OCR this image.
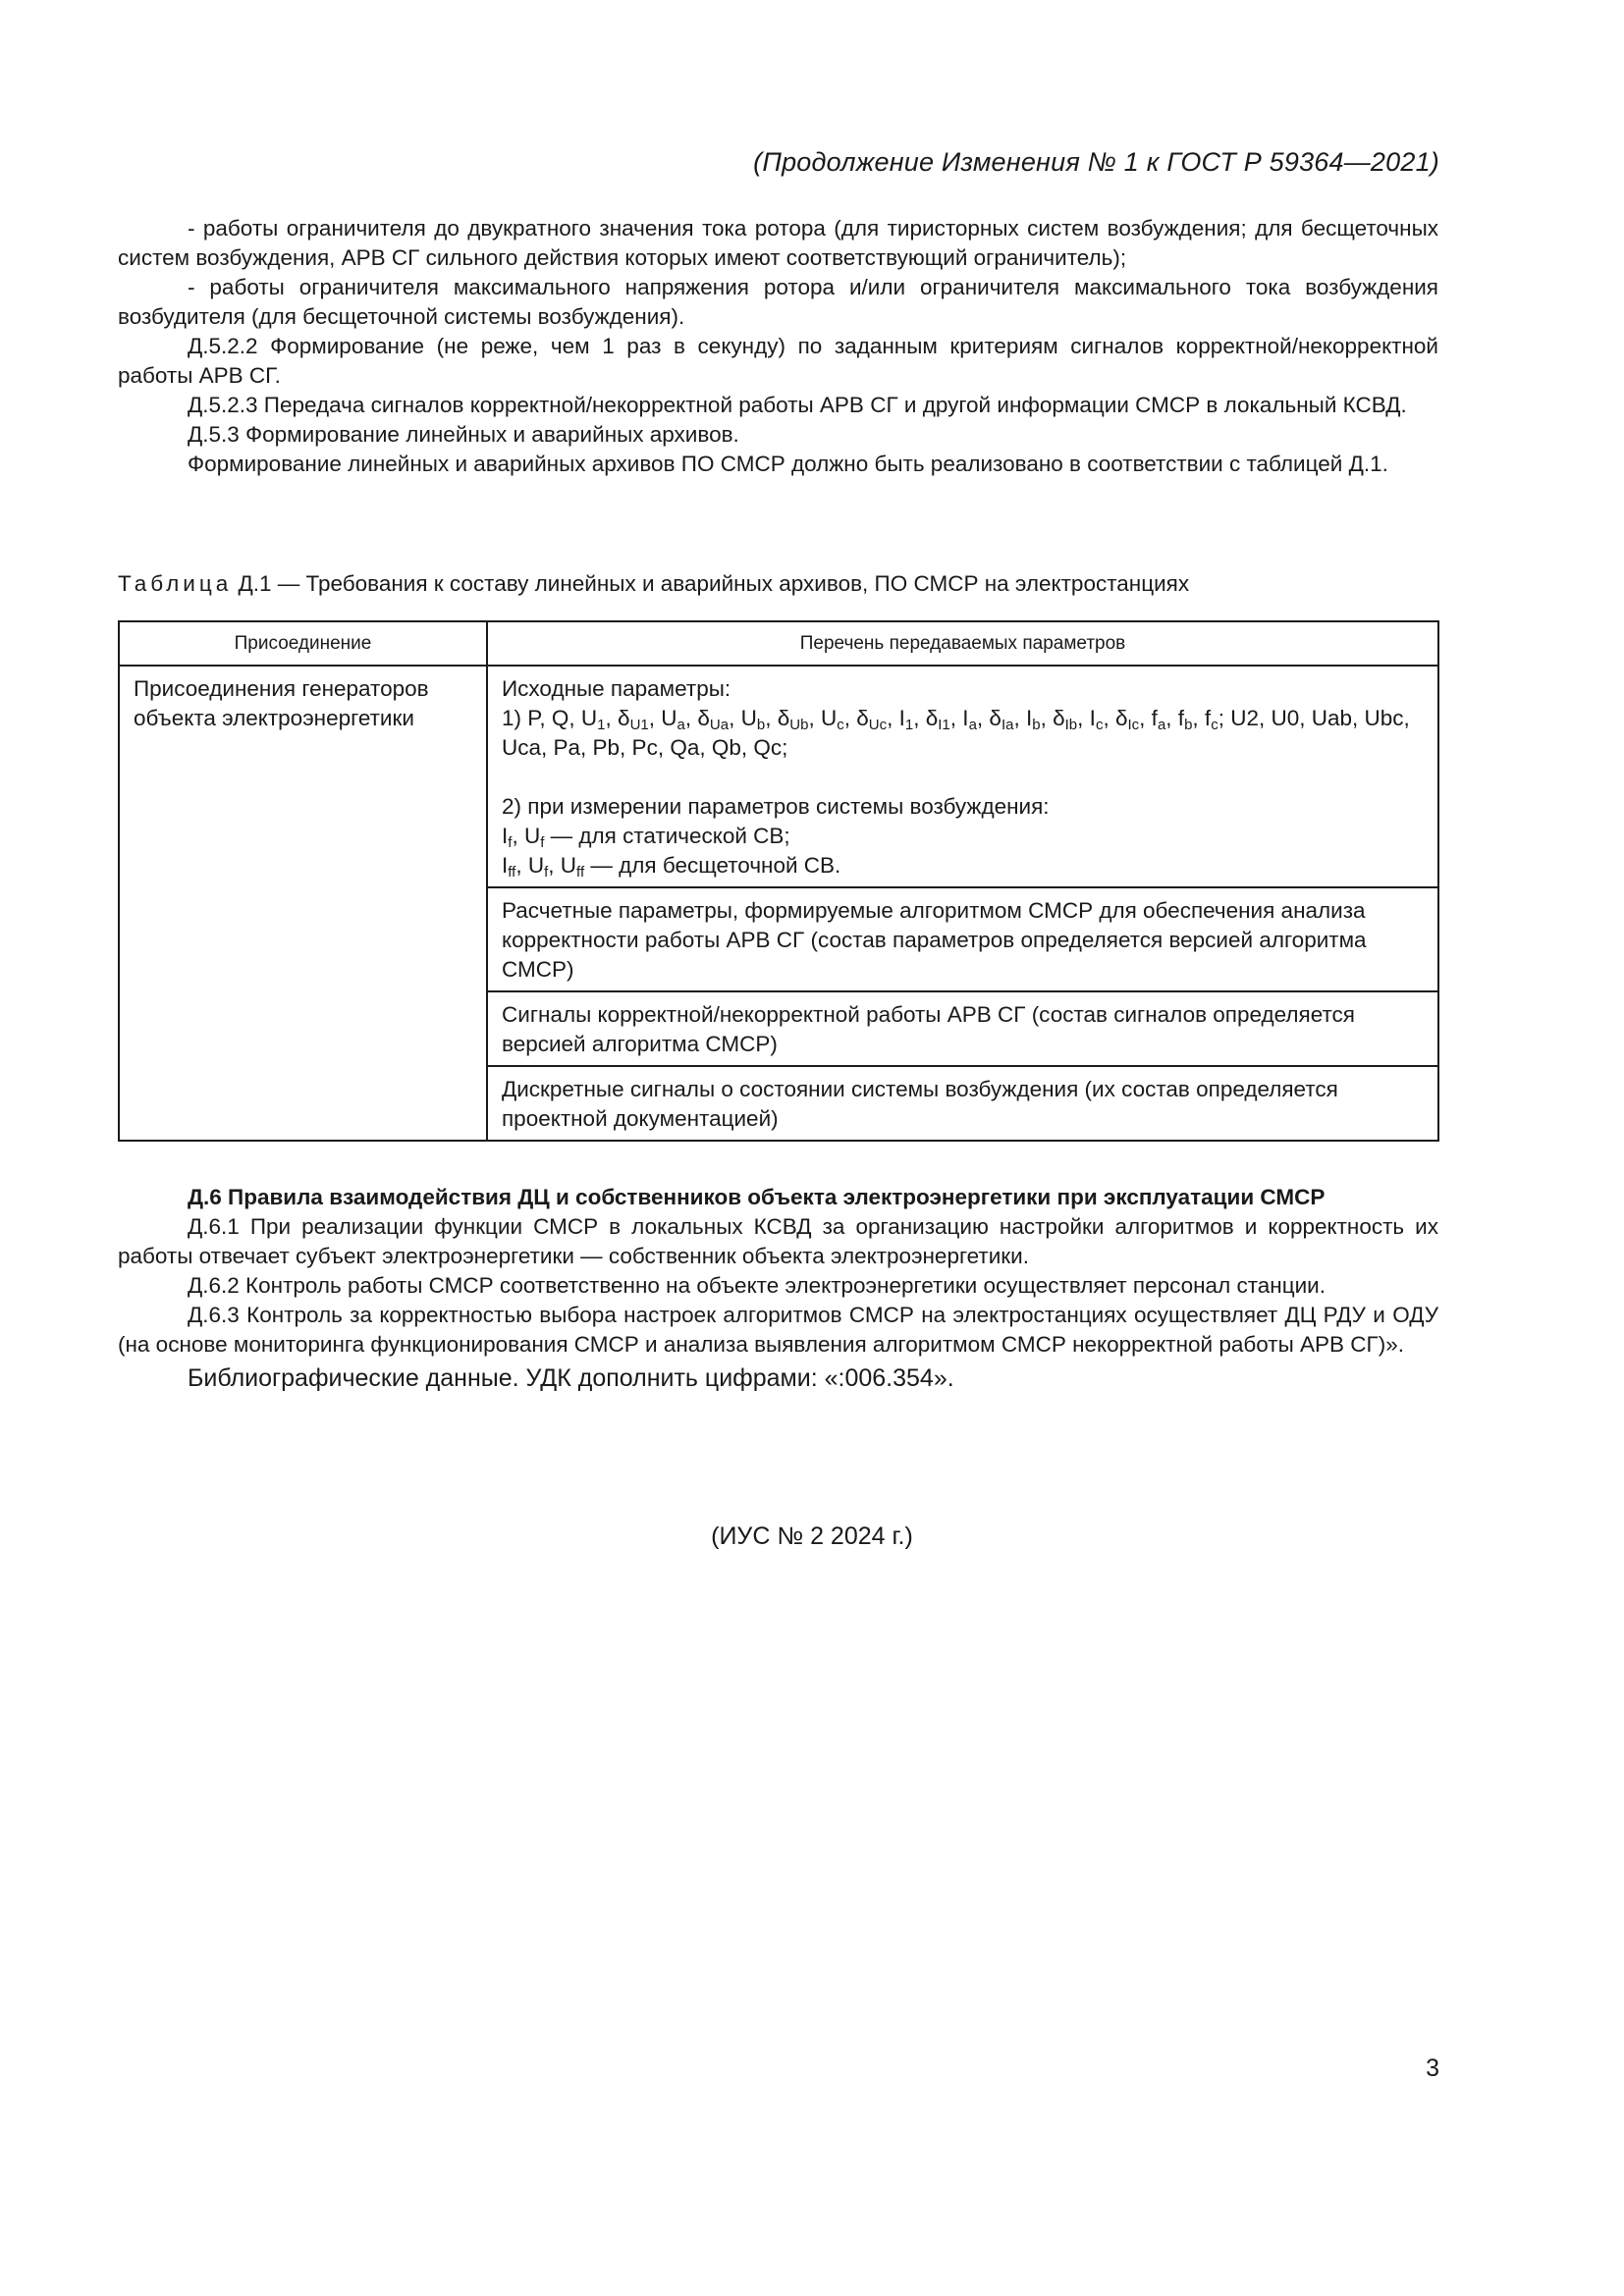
(Продолжение Изменения № 1 к ГОСТ Р 59364—2021)

- работы ограничителя до двукратного значения тока ротора (для тиристорных систем возбуждения; для бесщеточных систем возбуждения, АРВ СГ сильного действия которых имеют соответствующий ограничитель);

- работы ограничителя максимального напряжения ротора и/или ограничителя максимального тока возбуждения возбудителя (для бесщеточной системы возбуждения).

Д.5.2.2 Формирование (не реже, чем 1 раз в секунду) по заданным критериям сигналов корректной/некорректной работы АРВ СГ.

Д.5.2.3 Передача сигналов корректной/некорректной работы АРВ СГ и другой информации СМСР в локальный КСВД.

Д.5.3 Формирование линейных и аварийных архивов.

Формирование линейных и аварийных архивов ПО СМСР должно быть реализовано в соответствии с таблицей Д.1.

Таблица Д.1 — Требования к составу линейных и аварийных архивов, ПО СМСР на электростанциях
Присоединение	Перечень передаваемых параметров

Присоединения генераторов объекта электроэнергетики	Исходные параметры:

1) P, Q, $U_1$, $\delta_{U1}$, $U_a$, $\delta_{Ua}$, $U_b$, $\delta_{Ub}$, $U_c$, $\delta_{Uc}$, $I_1$, $\delta_{I1}$, $I_a$, $\delta_{Ia}$, $I_b$, $\delta_{Ib}$, $I_c$, $\delta_{Ic}$, $f_a$, $f_b$, $f_c$; U2, U0, Uab, Ubc, Uca, Pa, Pb, Pc, Qa, Qb, Qc;

2) при измерении параметров системы возбуждения:

$I_f$, $U_f$ — для статической СВ;

$I_{ff}$, $U_f$, $U_{ff}$ — для бесщеточной СВ.

	Расчетные параметры, формируемые алгоритмом СМСР для обеспечения анализа корректности работы АРВ СГ (состав параметров определяется версией алгоритма СМСР)
	Сигналы корректной/некорректной работы АРВ СГ (состав сигналов определяется версией алгоритма СМСР)
	Дискретные сигналы о состоянии системы возбуждения (их состав определяется проектной документацией)

Д.6 Правила взаимодействия ДЦ и собственников объекта электроэнергетики при эксплуатации СМСР

Д.6.1 При реализации функции СМСР в локальных КСВД за организацию настройки алгоритмов и корректность их работы отвечает субъект электроэнергетики — собственник объекта электроэнергетики.

Д.6.2 Контроль работы СМСР соответственно на объекте электроэнергетики осуществляет персонал станции.

Д.6.3 Контроль за корректностью выбора настроек алгоритмов СМСР на электростанциях осуществляет ДЦ РДУ и ОДУ (на основе мониторинга функционирования СМСР и анализа выявления алгоритмом СМСР некорректной работы АРВ СГ)».

Библиографические данные. УДК дополнить цифрами: «:006.354».

(ИУС № 2 2024 г.)
3
